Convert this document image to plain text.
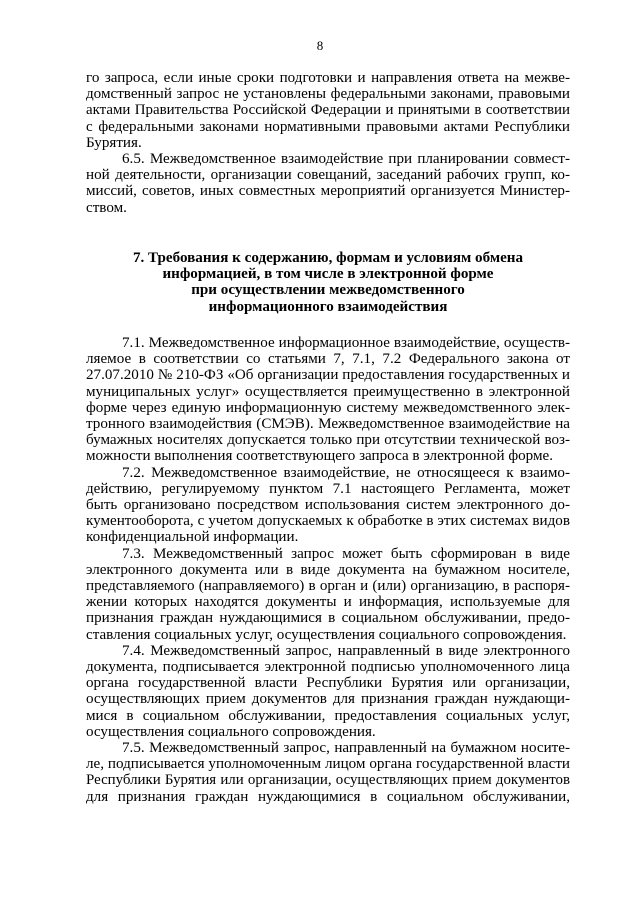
8
го запроса, если иные сроки подготовки и направления ответа на межве-
домственный запрос не установлены федеральными законами, правовыми
актами Правительства Российской Федерации и принятыми в соответствии
с федеральными законами нормативными правовыми актами Республики
Бурятия.
6.5. Межведомственное взаимодействие при планировании совмест-
ной деятельности, организации совещаний, заседаний рабочих групп, ко-
миссий, советов, иных совместных мероприятий организуется Министер-
ством.
7. Требования к содержанию, формам и условиям обмена
информацией, в том числе в электронной форме
при осуществлении межведомственного
информационного взаимодействия
7.1. Межведомственное информационное взаимодействие, осуществ-
ляемое в соответствии со статьями 7, 7.1, 7.2 Федерального закона от
27.07.2010 № 210-ФЗ «Об организации предоставления государственных и
муниципальных услуг» осуществляется преимущественно в электронной
форме через единую информационную систему межведомственного элек-
тронного взаимодействия (СМЭВ). Межведомственное взаимодействие на
бумажных носителях допускается только при отсутствии технической воз-
можности выполнения соответствующего запроса в электронной форме.
7.2. Межведомственное взаимодействие, не относящееся к взаимо-
действию, регулируемому пунктом 7.1 настоящего Регламента, может
быть организовано посредством использования систем электронного до-
кументооборота, с учетом допускаемых к обработке в этих системах видов
конфиденциальной информации.
7.3. Межведомственный запрос может быть сформирован в виде
электронного документа или в виде документа на бумажном носителе,
представляемого (направляемого) в орган и (или) организацию, в распоря-
жении которых находятся документы и информация, используемые для
признания граждан нуждающимися в социальном обслуживании, предо-
ставления социальных услуг, осуществления социального сопровождения.
7.4. Межведомственный запрос, направленный в виде электронного
документа, подписывается электронной подписью уполномоченного лица
органа государственной власти Республики Бурятия или организации,
осуществляющих прием документов для признания граждан нуждающи-
мися в социальном обслуживании, предоставления социальных услуг,
осуществления социального сопровождения.
7.5. Межведомственный запрос, направленный на бумажном носите-
ле, подписывается уполномоченным лицом органа государственной власти
Республики Бурятия или организации, осуществляющих прием документов
для признания граждан нуждающимися в социальном обслуживании,
